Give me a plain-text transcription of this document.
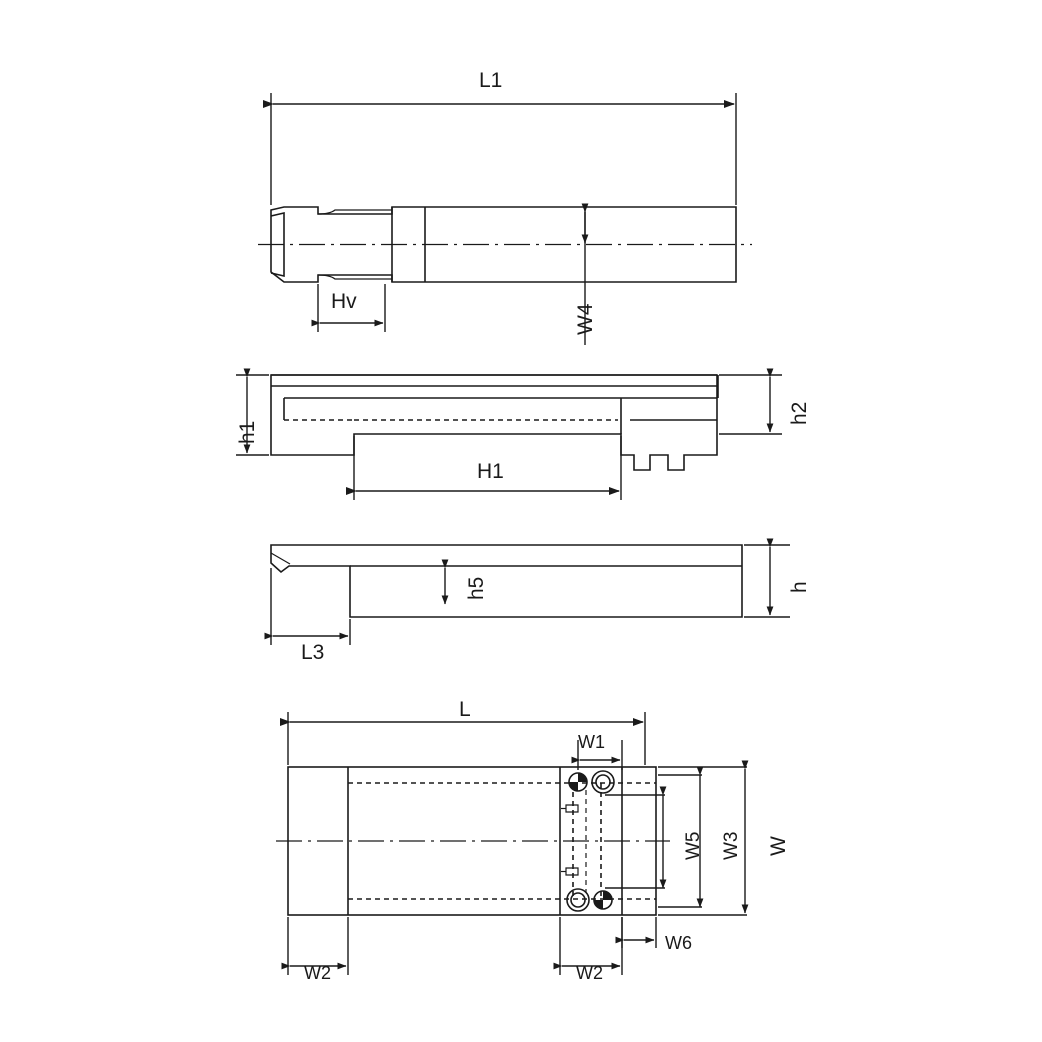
L1
Hv
W4
h1
h2
H1
h5	h
L3
L
W1
W5 W3 W
W6
W2	W2
